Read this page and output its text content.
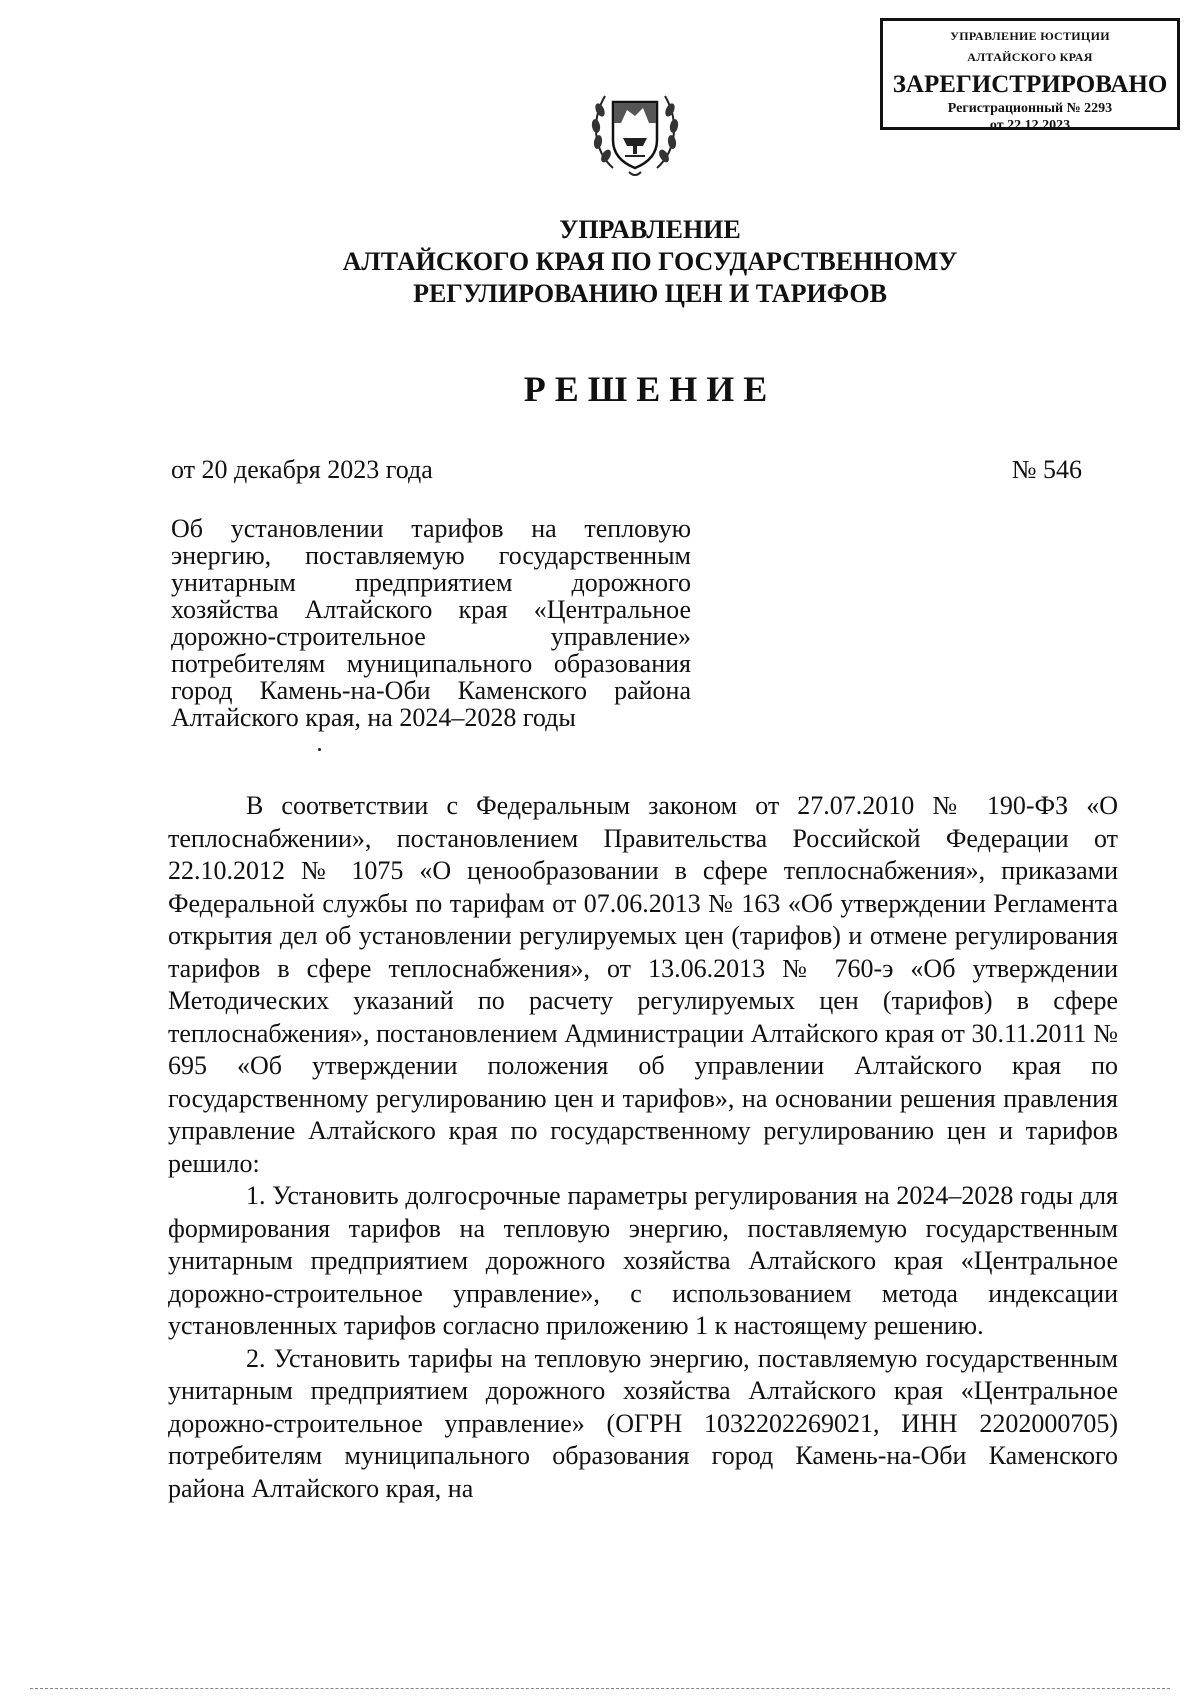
УПРАВЛЕНИЕ ЮСТИЦИИ
АЛТАЙСКОГО КРАЯ
ЗАРЕГИСТРИРОВАНО
Регистрационный № 2293
от 22.12.2023
УПРАВЛЕНИЕ
АЛТАЙСКОГО КРАЯ ПО ГОСУДАРСТВЕННОМУ
РЕГУЛИРОВАНИЮ ЦЕН И ТАРИФОВ
РЕШЕНИЕ
от 20 декабря 2023 года	№ 546
Об установлении тарифов на тепловую энергию, поставляемую государственным унитарным предприятием дорожного хозяйства Алтайского края «Центральное дорожно-строительное управление» потребителям муниципального образования город Камень-на-Оби Каменского района Алтайского края, на 2024–2028 годы

В соответствии с Федеральным законом от 27.07.2010 № 190-ФЗ «О теплоснабжении», постановлением Правительства Российской Федерации от 22.10.2012 № 1075 «О ценообразовании в сфере теплоснабжения», приказами Федеральной службы по тарифам от 07.06.2013 № 163 «Об утверждении Регламента открытия дел об установлении регулируемых цен (тарифов) и отмене регулирования тарифов в сфере теплоснабжения», от 13.06.2013 № 760-э «Об утверждении Методических указаний по расчету регулируемых цен (тарифов) в сфере теплоснабжения», постановлением Администрации Алтайского края от 30.11.2011 № 695 «Об утверждении положения об управлении Алтайского края по государственному регулированию цен и тарифов», на основании решения правления управление Алтайского края по государственному регулированию цен и тарифов решило:

1. Установить долгосрочные параметры регулирования на 2024–2028 годы для формирования тарифов на тепловую энергию, поставляемую государственным унитарным предприятием дорожного хозяйства Алтайского края «Центральное дорожно-строительное управление», с использованием метода индексации установленных тарифов согласно приложению 1 к настоящему решению.

2. Установить тарифы на тепловую энергию, поставляемую государственным унитарным предприятием дорожного хозяйства Алтайского края «Центральное дорожно-строительное управление» (ОГРН 1032202269021, ИНН 2202000705) потребителям муниципального образования город Камень-на-Оби Каменского района Алтайского края, на
